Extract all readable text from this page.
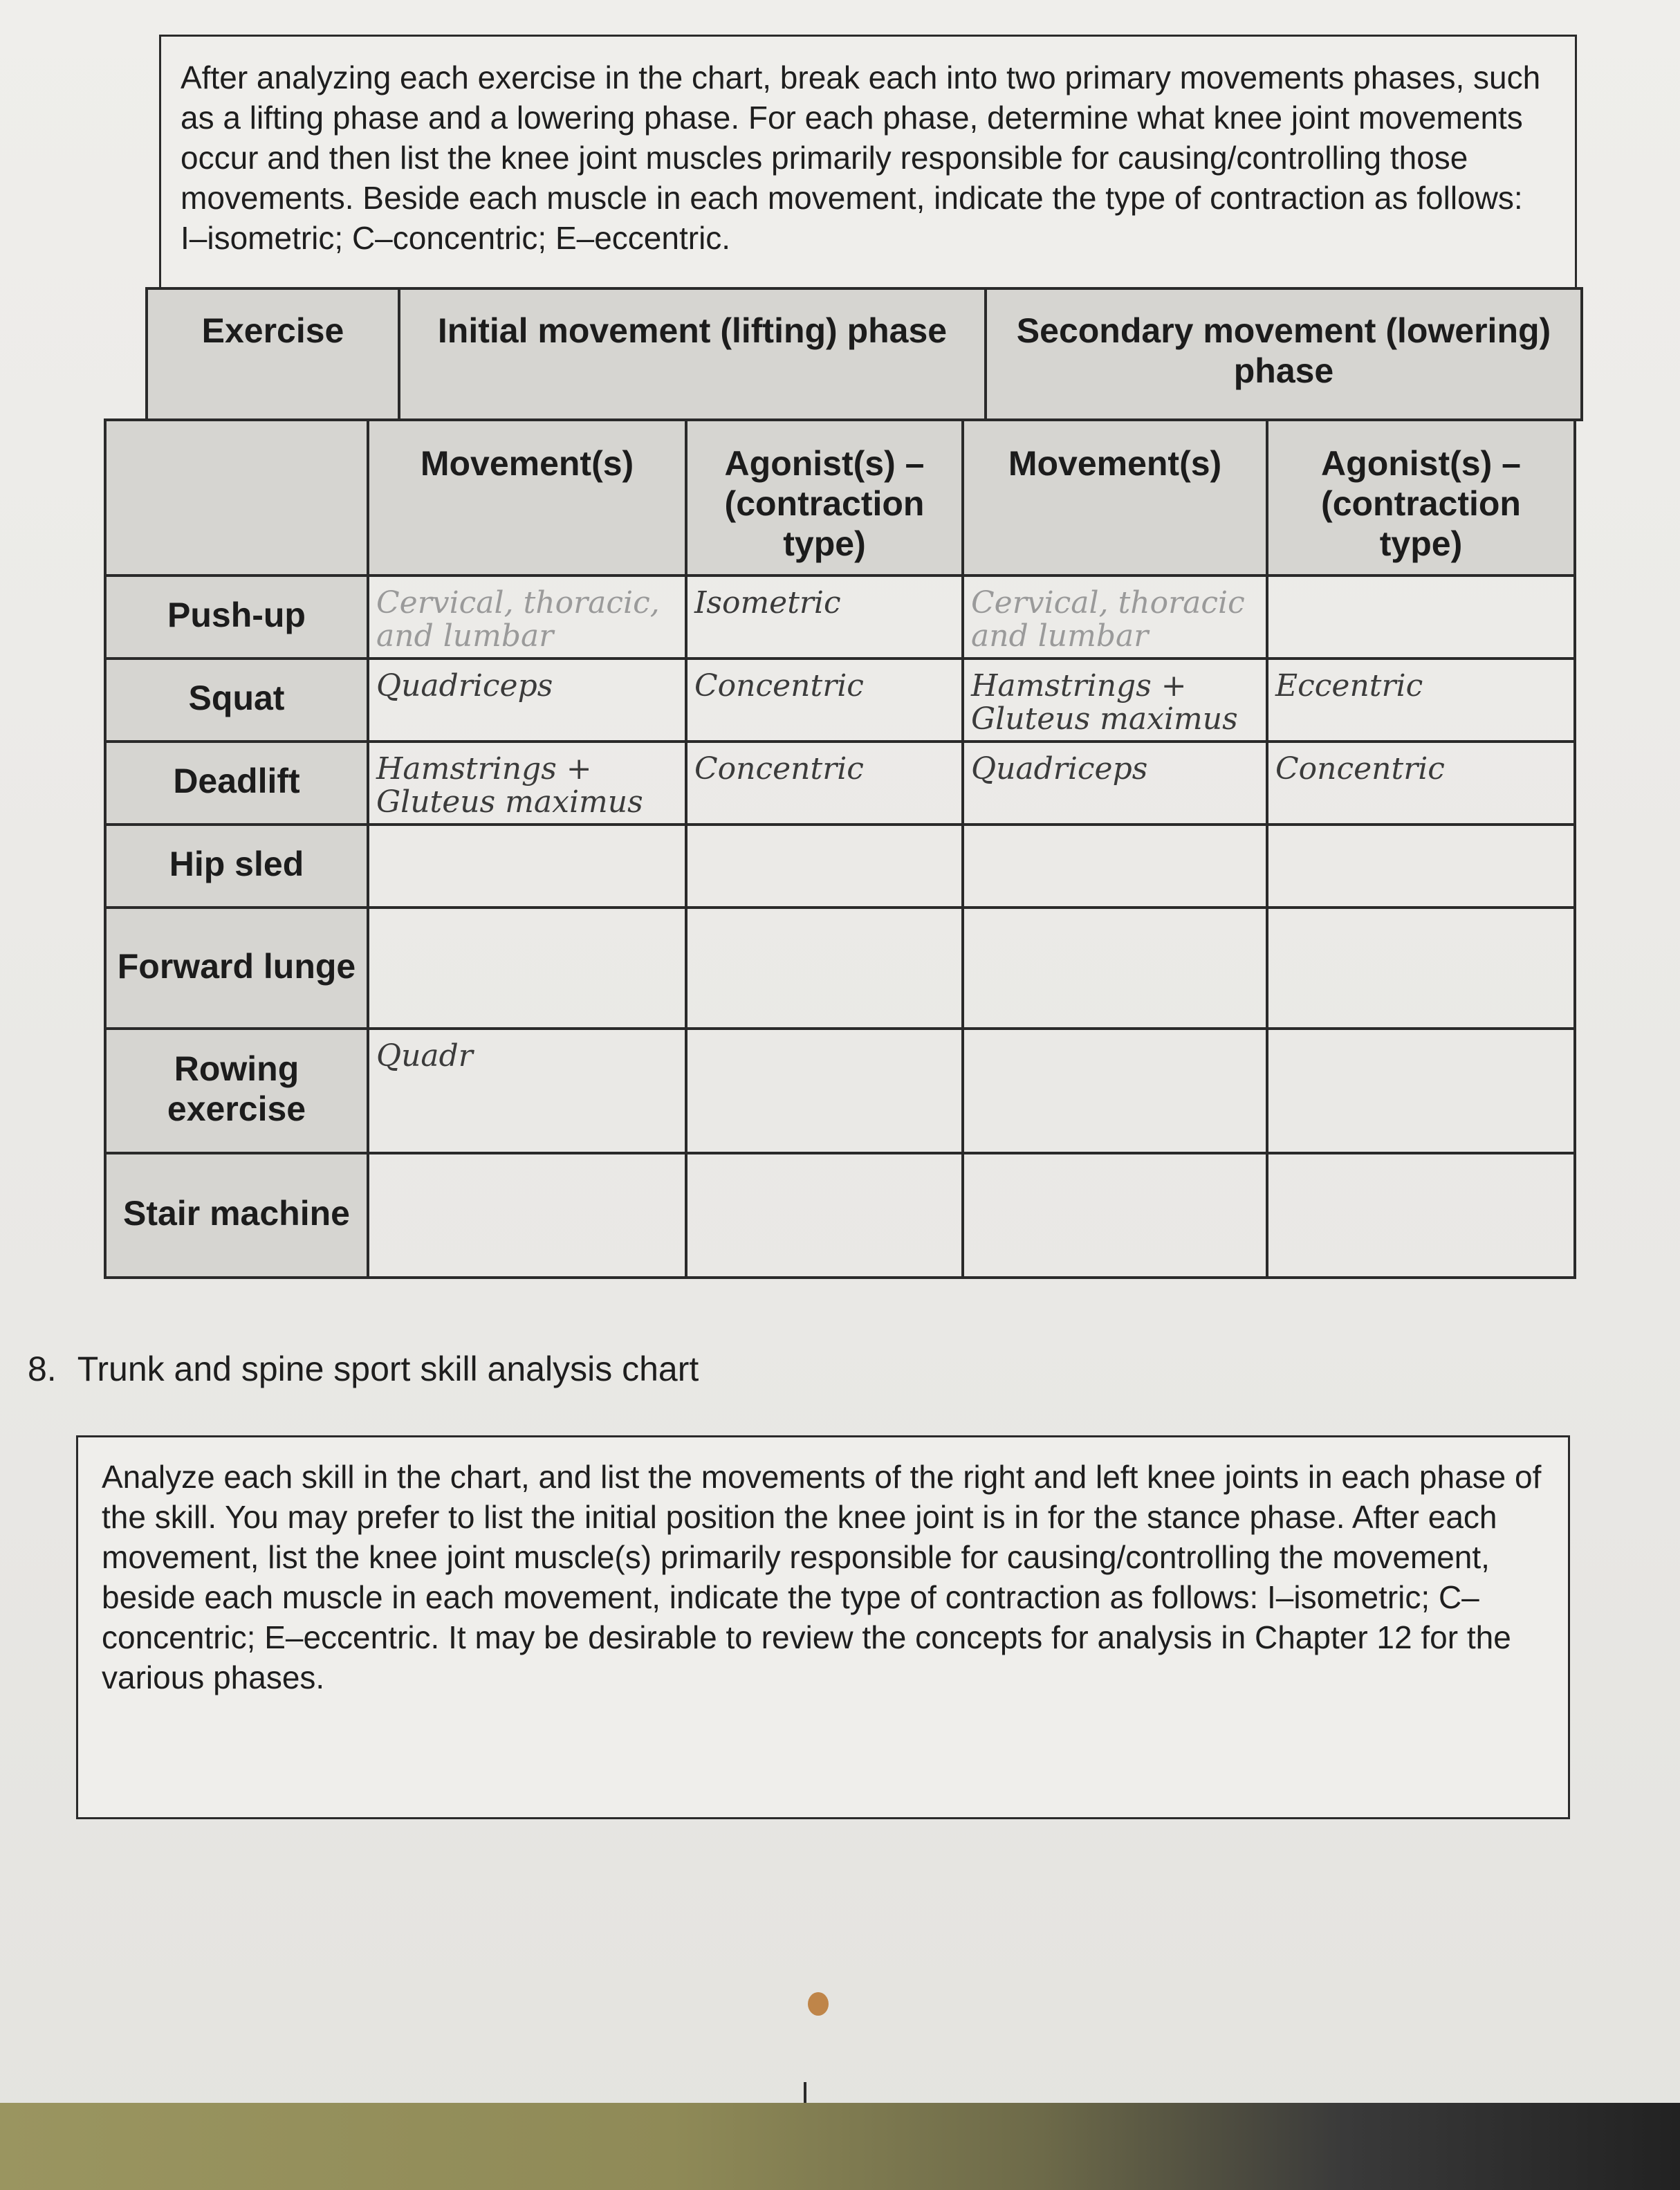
After analyzing each exercise in the chart, break each into two primary movements phases, such as a lifting phase and a lowering phase. For each phase, determine what knee joint movements occur and then list the knee joint muscles primarily responsible for causing/controlling those movements. Beside each muscle in each movement, indicate the type of contraction as follows: I–isometric; C–concentric; E–eccentric.
Exercise	Initial movement (lifting) phase	Secondary movement (lowering) phase
	Movement(s)	Agonist(s) – (contraction type)	Movement(s)	Agonist(s) – (contraction type)
Push-up	Cervical, thoracic, and lumbar	Isometric	Cervical, thoracic and lumbar	

Squat	Quadriceps	Concentric	Hamstrings + Gluteus maximus	Eccentric

Deadlift	Hamstrings + Gluteus maximus	Concentric	Quadriceps	Concentric

Hip sled				
Forward lunge				
Rowing exercise	Quadr			

Stair machine				
8. Trunk and spine sport skill analysis chart
Analyze each skill in the chart, and list the movements of the right and left knee joints in each phase of the skill. You may prefer to list the initial position the knee joint is in for the stance phase. After each movement, list the knee joint muscle(s) primarily responsible for causing/controlling the movement, beside each muscle in each movement, indicate the type of contraction as follows: I–isometric; C–concentric; E–eccentric. It may be desirable to review the concepts for analysis in Chapter 12 for the various phases.
